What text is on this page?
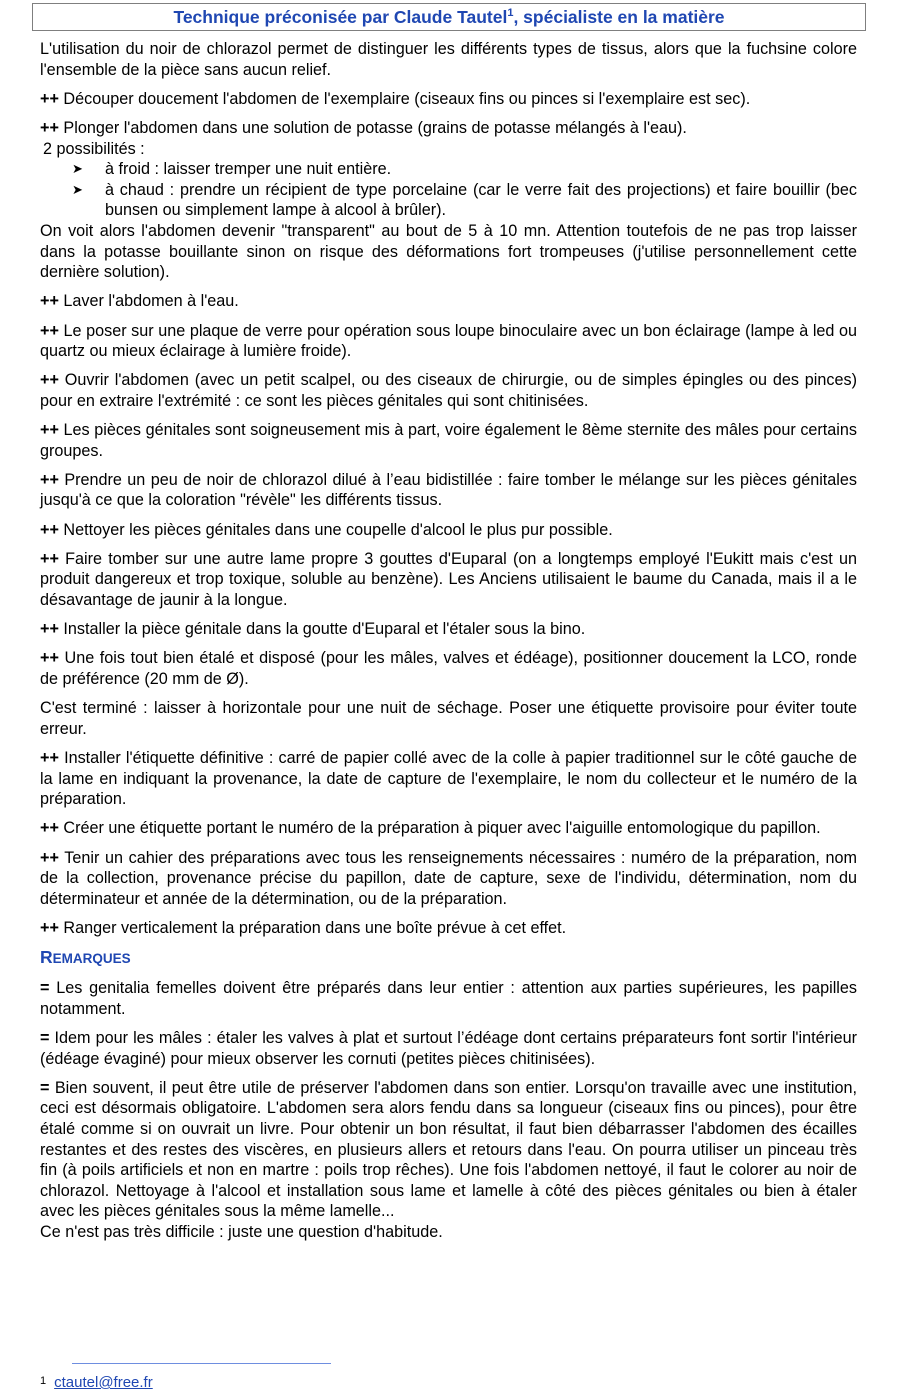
Technique préconisée par Claude Tautel$^1$, spécialiste en la matière

L'utilisation du noir de chlorazol permet de distinguer les différents types de tissus, alors que la fuchsine colore l'ensemble de la pièce sans aucun relief.

++ Découper doucement l'abdomen de l'exemplaire (ciseaux fins ou pinces si l'exemplaire est sec).

++ Plonger l'abdomen dans une solution de potasse (grains de potasse mélangés à l'eau).

2 possibilités :

➤ à froid : laisser tremper une nuit entière.

➤ à chaud : prendre un récipient de type porcelaine (car le verre fait des projections) et faire bouillir (bec bunsen ou simplement lampe à alcool à brûler).

On voit alors l'abdomen devenir "transparent" au bout de 5 à 10 mn. Attention toutefois de ne pas trop laisser dans la potasse bouillante sinon on risque des déformations fort trompeuses (j'utilise personnellement cette dernière solution).

++ Laver l'abdomen à l'eau.

++ Le poser sur une plaque de verre pour opération sous loupe binoculaire avec un bon éclairage (lampe à led ou quartz ou mieux éclairage à lumière froide).

++ Ouvrir l'abdomen (avec un petit scalpel, ou des ciseaux de chirurgie, ou de simples épingles ou des pinces) pour en extraire l'extrémité : ce sont les pièces génitales qui sont chitinisées.

++ Les pièces génitales sont soigneusement mis à part, voire également le 8ème sternite des mâles pour certains groupes.

++ Prendre un peu de noir de chlorazol dilué à l’eau bidistillée : faire tomber le mélange sur les pièces génitales jusqu'à ce que la coloration "révèle" les différents tissus.

++ Nettoyer les pièces génitales dans une coupelle d'alcool le plus pur possible.

++ Faire tomber sur une autre lame propre 3 gouttes d'Euparal (on a longtemps employé l'Eukitt mais c'est un produit dangereux et trop toxique, soluble au benzène). Les Anciens utilisaient le baume du Canada, mais il a le désavantage de jaunir à la longue.

++ Installer la pièce génitale dans la goutte d'Euparal et l'étaler sous la bino.

++ Une fois tout bien étalé et disposé (pour les mâles, valves et édéage), positionner doucement la LCO, ronde de préférence (20 mm de Ø).

C'est terminé : laisser à horizontale pour une nuit de séchage. Poser une étiquette provisoire pour éviter toute erreur.

++ Installer l'étiquette définitive : carré de papier collé avec de la colle à papier traditionnel sur le côté gauche de la lame en indiquant la provenance, la date de capture de l'exemplaire, le nom du collecteur et le numéro de la préparation.

++ Créer une étiquette portant le numéro de la préparation à piquer avec l'aiguille entomologique du papillon.

++ Tenir un cahier des préparations avec tous les renseignements nécessaires : numéro de la préparation, nom de la collection, provenance précise du papillon, date de capture, sexe de l'individu, détermination, nom du déterminateur et année de la détermination, ou de la préparation.

++ Ranger verticalement la préparation dans une boîte prévue à cet effet.

REMARQUES

= Les genitalia femelles doivent être préparés dans leur entier : attention aux parties supérieures, les papilles notamment.

= Idem pour les mâles : étaler les valves à plat et surtout l’édéage dont certains préparateurs font sortir l'intérieur (édéage évaginé) pour mieux observer les cornuti (petites pièces chitinisées).

= Bien souvent, il peut être utile de préserver l'abdomen dans son entier. Lorsqu'on travaille avec une institution, ceci est désormais obligatoire. L'abdomen sera alors fendu dans sa longueur (ciseaux fins ou pinces), pour être étalé comme si on ouvrait un livre. Pour obtenir un bon résultat, il faut bien débarrasser l'abdomen des écailles restantes et des restes des viscères, en plusieurs allers et retours dans l'eau. On pourra utiliser un pinceau très fin (à poils artificiels et non en martre : poils trop rêches). Une fois l'abdomen nettoyé, il faut le colorer au noir de chlorazol. Nettoyage à l'alcool et installation sous lame et lamelle à côté des pièces génitales ou bien à étaler avec les pièces génitales sous la même lamelle...

Ce n'est pas très difficile : juste une question d'habitude.

$^1$ ctautel@free.fr
